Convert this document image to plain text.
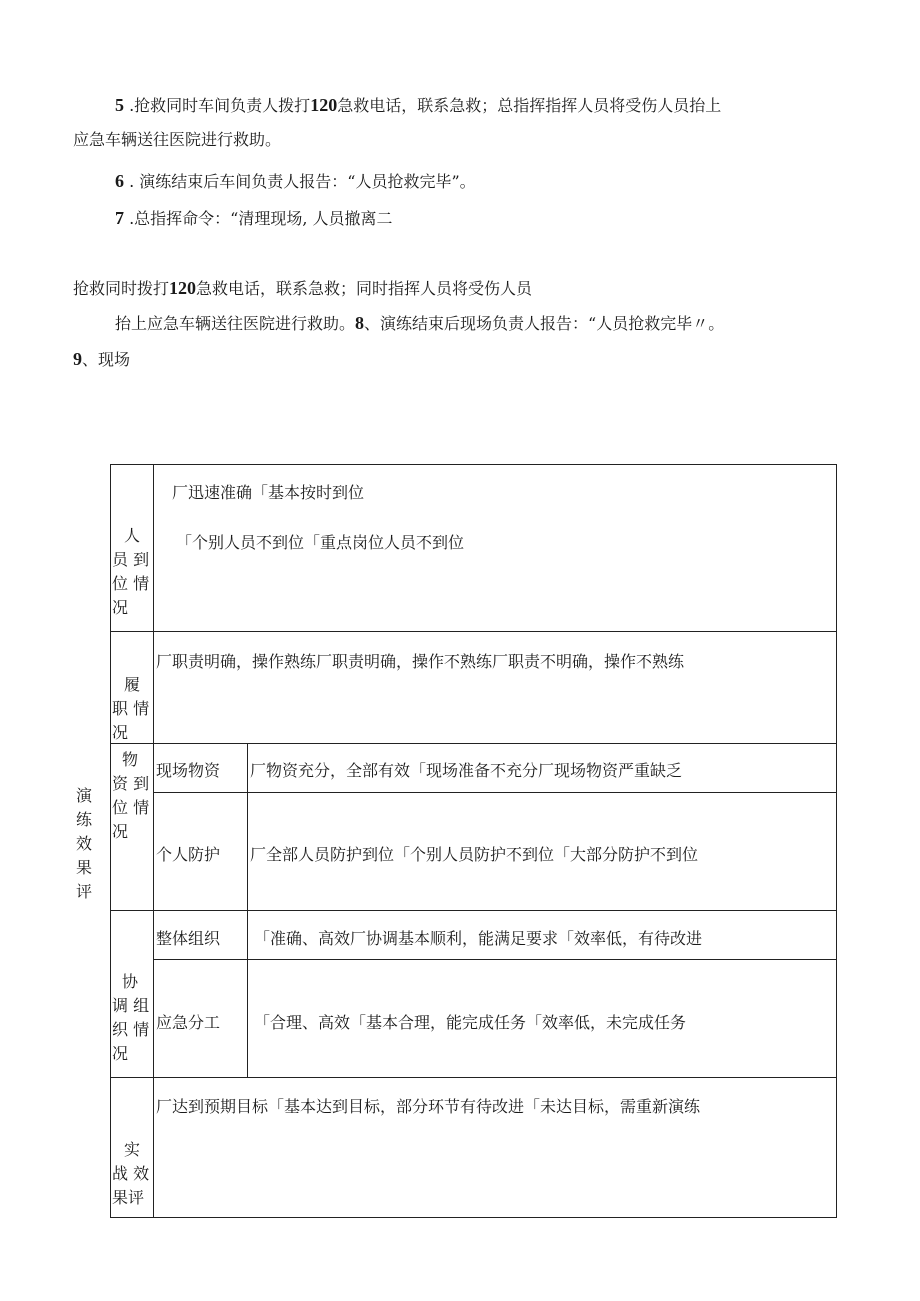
5 .抢救同时车间负责人拨打120急救电话，联系急救；总指挥指挥人员将受伤人员抬上
应急车辆送往医院进行救助。
6 . 演练结束后车间负责人报告：“人员抢救完毕”。
7 .总指挥命令：“清理现场, 人员撤离二
抢救同时拨打120急救电话，联系急救；同时指挥人员将受伤人员
抬上应急车辆送往医院进行救助。8、演练结束后现场负责人报告：“人员抢救完毕〃。
9、现场
演
练
效
果
评
人
员 到
位 情
况
厂迅速准确「基本按时到位
「个别人员不到位「重点岗位人员不到位
履
职 情
况
厂职责明确，操作熟练厂职责明确，操作不熟练厂职责不明确，操作不熟练
物
资 到
位 情
况
现场物资 厂物资充分，全部有效「现场准备不充分厂现场物资严重缺乏
个人防护 厂全部人员防护到位「个别人员防护不到位「大部分防护不到位
协
调 组
织 情
况
整体组织 「准确、高效厂协调基本顺利，能满足要求「效率低，有待改进
应急分工 「合理、高效「基本合理，能完成任务「效率低，未完成任务
实
战 效
果评
厂达到预期目标「基本达到目标，部分环节有待改进「未达目标，需重新演练
